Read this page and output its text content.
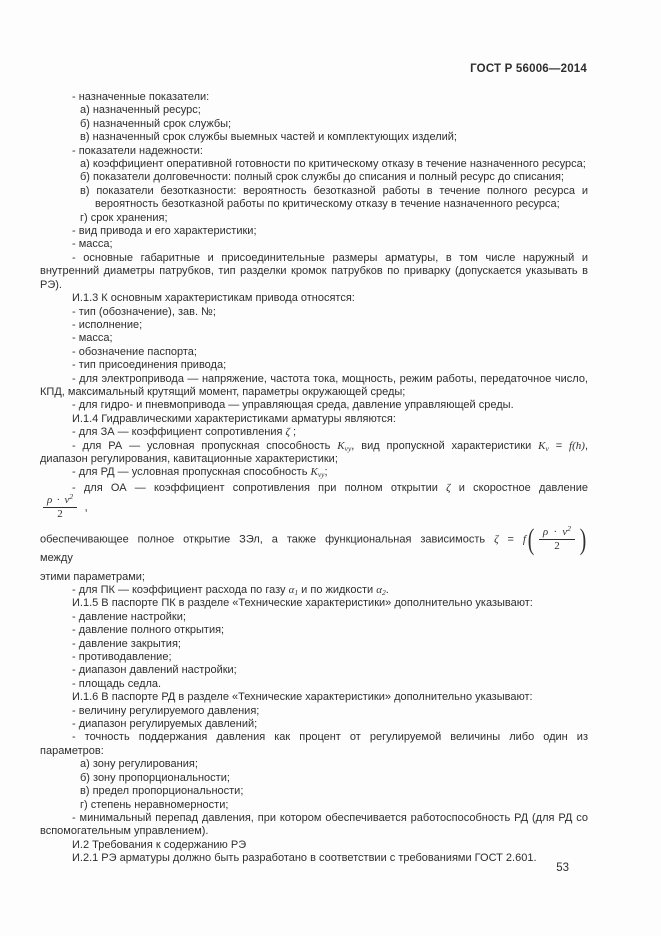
ГОСТ Р 56006—2014

- назначенные показатели:

а) назначенный ресурс;

б) назначенный срок службы;

в) назначенный срок службы выемных частей и комплектующих изделий;

- показатели надежности:

а) коэффициент оперативной готовности по критическому отказу в течение назначенного ресурса;

б) показатели долговечности: полный срок службы до списания и полный ресурс до списания;

в) показатели безотказности: вероятность безотказной работы в течение полного ресурса и вероятность безотказной работы по критическому отказу в течение назначенного ресурса;

г) срок хранения;

- вид привода и его характеристики;

- масса;

- основные габаритные и присоединительные размеры арматуры, в том числе наружный и внутренний диаметры патрубков, тип разделки кромок патрубков по приварку (допускается указывать в РЭ).

И.1.3 К основным характеристикам привода относятся:

- тип (обозначение), зав. №;

- исполнение;

- масса;

- обозначение паспорта;

- тип присоединения привода;

- для электропривода — напряжение, частота тока, мощность, режим работы, передаточное число, КПД, максимальный крутящий момент, параметры окружающей среды;

- для гидро- и пневмопривода — управляющая среда, давление управляющей среды.

И.1.4 Гидравлическими характеристиками арматуры являются:

- для ЗА — коэффициент сопротивления ζ ;

- для РА — условная пропускная способность $K_{vy}$, вид пропускной характеристики $K_v = f(h)$, диапазон регулирования, кавитационные характеристики;

- для РД — условная пропускная способность $K_{vy}$;

- для ОА — коэффициент сопротивления при полном открытии ζ и скоростное давление
$\frac{\rho \cdot v^2}{2}$ ,

обеспечивающее полное открытие ЗЭл, а также функциональная зависимость $\zeta = f( \frac{\rho \cdot v^2}{2}$ ) между

этими параметрами;

- для ПК — коэффициент расхода по газу $\alpha_1$ и по жидкости $\alpha_2$.

И.1.5 В паспорте ПК в разделе «Технические характеристики» дополнительно указывают:

- давление настройки;

- давление полного открытия;

- давление закрытия;

- противодавление;

- диапазон давлений настройки;

- площадь седла.

И.1.6 В паспорте РД в разделе «Технические характеристики» дополнительно указывают:

- величину регулируемого давления;

- диапазон регулируемых давлений;

- точность поддержания давления как процент от регулируемой величины либо один из параметров:

а) зону регулирования;

б) зону пропорциональности;

в) предел пропорциональности;

г) степень неравномерности;

- минимальный перепад давления, при котором обеспечивается работоспособность РД (для РД со вспомогательным управлением).

И.2 Требования к содержанию РЭ

И.2.1 РЭ арматуры должно быть разработано в соответствии с требованиями ГОСТ 2.601.

53
